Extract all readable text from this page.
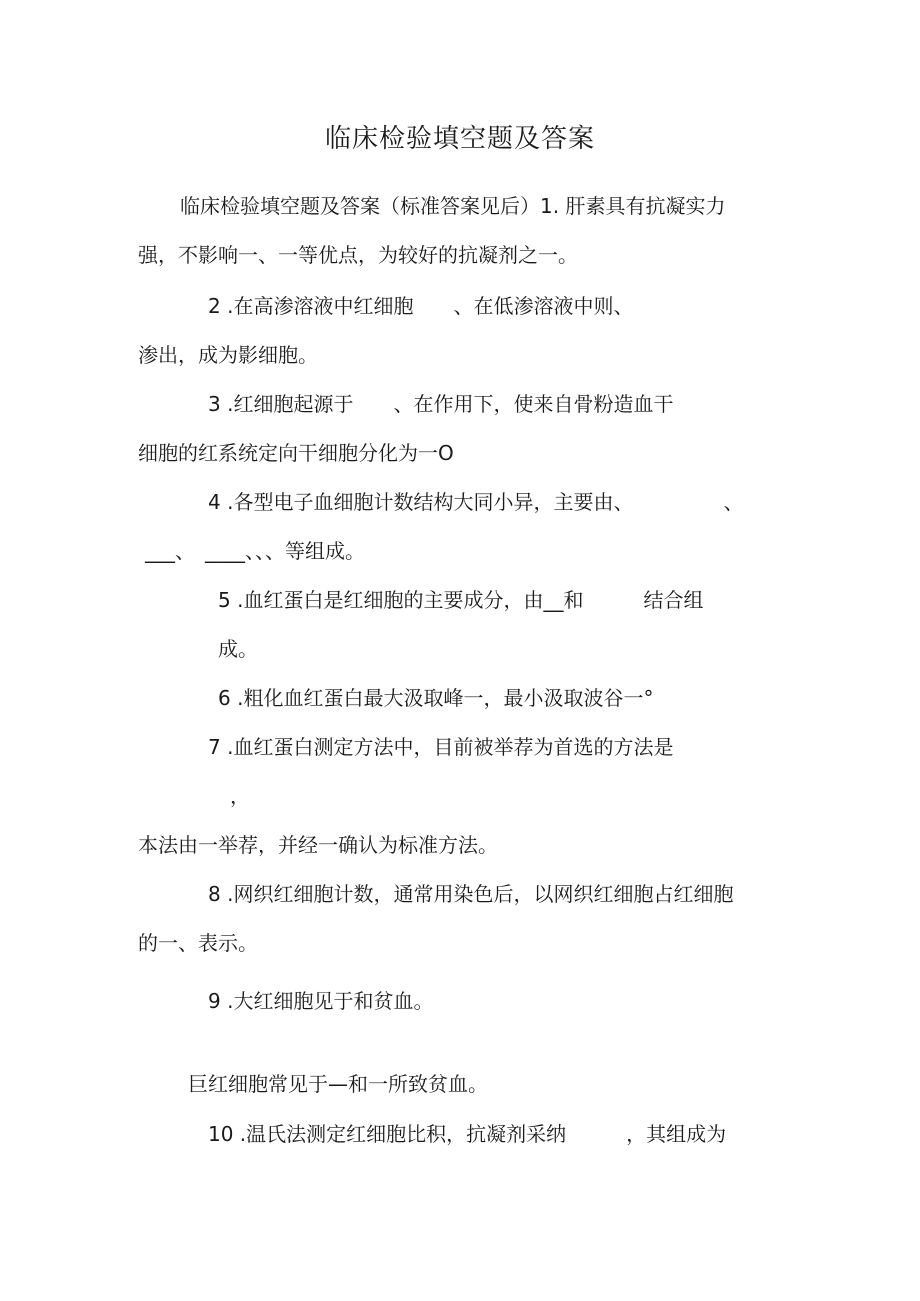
临床检验填空题及答案
临床检验填空题及答案（标准答案见后）1. 肝素具有抗凝实力
强，不影响一、一等优点，为较好的抗凝剂之一。
2 .在高渗溶液中红细胞　　、在低渗溶液中则、
渗出，成为影细胞。
3 .红细胞起源于　　、在作用下，使来自骨粉造血干
细胞的红系统定向干细胞分化为一O
4 .各型电子血细胞计数结构大同小异，主要由、　　　　　、
___、　____、、、等组成。
5 .血红蛋白是红细胞的主要成分，由__和　　　结合组
成。
6 .粗化血红蛋白最大汲取峰一，最小汲取波谷一°
7 .血红蛋白测定方法中，目前被举荐为首选的方法是
，
本法由一举荐，并经一确认为标准方法。
8 .网织红细胞计数，通常用染色后，以网织红细胞占红细胞
的一、表示。
9 .大红细胞见于和贫血。
巨红细胞常见于—和一所致贫血。
10 .温氏法测定红细胞比积，抗凝剂采纳　　　，其组成为
